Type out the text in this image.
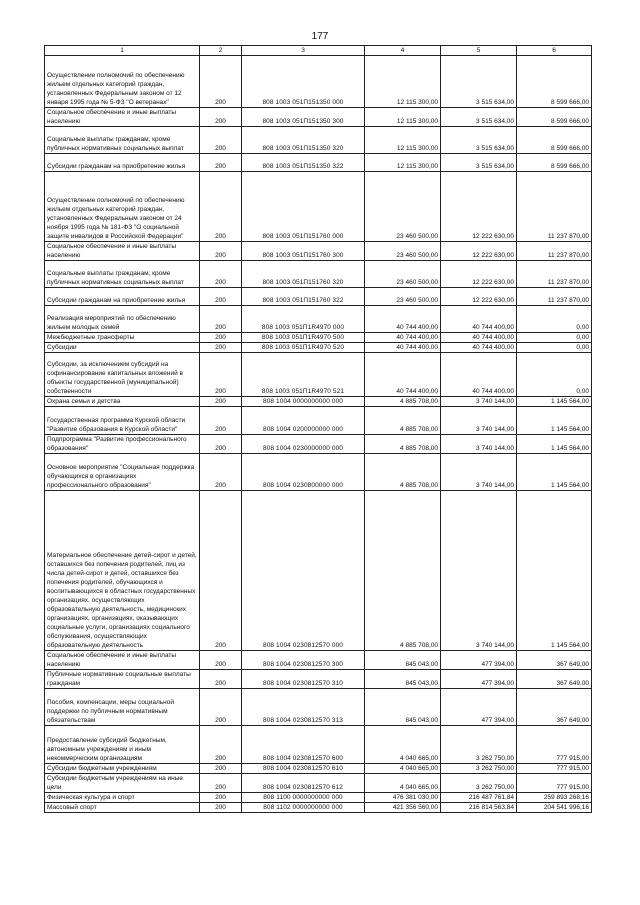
177
1	2	3	4	5	6
Осуществление полномочий по обеспечению жильем отдельных категорий граждан, установленных Федеральным законом от 12 января 1995 года № 5-ФЗ "О ветеранах"	200	808 1003 051П151350 000	12 115 300,00	3 515 634,00	8 599 666,00
Социальное обеспечение и иные выплаты населению	200	808 1003 051П151350 300	12 115 300,00	3 515 634,00	8 599 666,00
Социальные выплаты гражданам, кроме публичных нормативных социальных выплат	200	808 1003 051П151350 320	12 115 300,00	3 515 634,00	8 599 666,00
Субсидии гражданам на приобретение жилья	200	808 1003 051П151350 322	12 115 300,00	3 515 634,00	8 599 666,00
Осуществление полномочий по обеспечению жильем отдельных категорий граждан, установленных Федеральным законом от 24 ноября 1995 года № 181-ФЗ "О социальной защите инвалидов в Российской Федерации"	200	808 1003 051П151760 000	23 460 500,00	12 222 630,00	11 237 870,00
Социальное обеспечение и иные выплаты населению	200	808 1003 051П151760 300	23 460 500,00	12 222 630,00	11 237 870,00
Социальные выплаты гражданам, кроме публичных нормативных социальных выплат	200	808 1003 051П151760 320	23 460 500,00	12 222 630,00	11 237 870,00
Субсидии гражданам на приобретение жилья	200	808 1003 051П151760 322	23 460 500,00	12 222 630,00	11 237 870,00
Реализация мероприятий по обеспечению жильем молодых семей	200	808 1003 051П1R4970 000	40 744 400,00	40 744 400,00	0,00
Межбюджетные трансферты	200	808 1003 051П1R4970 500	40 744 400,00	40 744 400,00	0,00
Субсидии	200	808 1003 051П1R4970 520	40 744 400,00	40 744 400,00	0,00
Субсидии, за исключением субсидий на софинансирование капитальных вложений в объекты государственной (муниципальной) собственности	200	808 1003 051П1R4970 521	40 744 400,00	40 744 400,00	0,00
Охрана семьи и детства	200	808 1004 0000000000 000	4 885 708,00	3 740 144,00	1 145 564,00
Государственная программа Курской области "Развитие образования в Курской области"	200	808 1004 0200000000 000	4 885 708,00	3 740 144,00	1 145 564,00
Подпрограмма "Развитие профессионального образования"	200	808 1004 0230000000 000	4 885 708,00	3 740 144,00	1 145 564,00
Основное мероприятие "Социальная поддержка обучающихся в организациях профессионального образования"	200	808 1004 0230800000 000	4 885 708,00	3 740 144,00	1 145 564,00
Материальное обеспечение детей-сирот и детей, оставшихся без попечения родителей, лиц из числа детей-сирот и детей, оставшихся без попечения родителей, обучающихся и воспитывающихся в областных государственных организациях, осуществляющих образовательную деятельность, медицинских организациях, организациях, оказывающих социальные услуги, организациях социального обслуживания, осуществляющих образовательную деятельность	200	808 1004 0230812570 000	4 885 708,00	3 740 144,00	1 145 564,00
Социальное обеспечение и иные выплаты населению	200	808 1004 0230812570 300	845 043,00	477 394,00	367 649,00
Публичные нормативные социальные выплаты гражданам	200	808 1004 0230812570 310	845 043,00	477 394,00	367 649,00
Пособия, компенсации, меры социальной поддержки по публичным нормативным обязательствам	200	808 1004 0230812570 313	845 043,00	477 394,00	367 649,00
Предоставление субсидий бюджетным, автономным учреждениям и иным некоммерческим организациям	200	808 1004 0230812570 600	4 040 665,00	3 262 750,00	777 915,00
Субсидии бюджетным учреждениям	200	808 1004 0230812570 610	4 040 665,00	3 262 750,00	777 915,00
Субсидии бюджетным учреждениям на иные цели	200	808 1004 0230812570 612	4 040 665,00	3 262 750,00	777 915,00
Физическая культура и спорт	200	808 1100 0000000000 000	476 381 030,00	216 487 761,84	259 893 268,16
Массовый спорт	200	808 1102 0000000000 000	421 356 560,00	216 814 563,84	204 541 996,16
